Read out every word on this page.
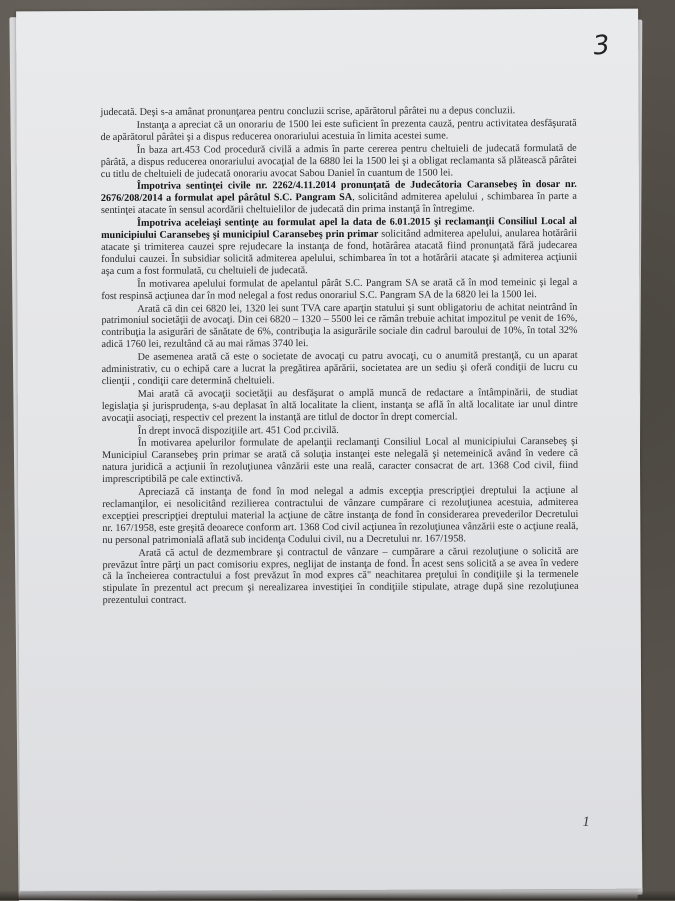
3

judecată. Deşi s-a amânat pronunţarea pentru concluzii scrise, apărătorul pârâtei nu a depus concluzii.

Instanţa a apreciat că un onorariu de 1500 lei este suficient în prezenta cauză, pentru activitatea desfăşurată de apărătorul pârâtei şi a dispus reducerea onorariului acestuia în limita acestei sume.

În baza art.453 Cod procedură civilă a admis în parte cererea pentru cheltuieli de judecată formulată de pârâtă, a dispus reducerea onorariului avocaţial de la 6880 lei la 1500 lei şi a obligat reclamanta să plătească pârâtei cu titlu de cheltuieli de judecată onorariu avocat Sabou Daniel în cuantum de 1500 lei.

Împotriva sentinţei civile nr. 2262/4.11.2014 pronunţată de Judecătoria Caransebeş în dosar nr. 2676/208/2014 a formulat apel pârâtul S.C. Pangram SA, solicitând admiterea apelului , schimbarea în parte a sentinţei atacate în sensul acordării cheltuielilor de judecată din prima instanţă în întregime.

Împotriva aceleiaşi sentinţe au formulat apel la data de 6.01.2015 şi reclamanţii Consiliul Local al municipiului Caransebeş şi municipiul Caransebeş prin primar solicitând admiterea apelului, anularea hotărârii atacate şi trimiterea cauzei spre rejudecare la instanţa de fond, hotărârea atacată fiind pronunţată fără judecarea fondului cauzei. În subsidiar solicită admiterea apelului, schimbarea în tot a hotărârii atacate şi admiterea acţiunii aşa cum a fost formulată, cu cheltuieli de judecată.

În motivarea apelului formulat de apelantul pârât S.C. Pangram SA se arată că în mod temeinic şi legal a fost respinsă acţiunea dar în mod nelegal a fost redus onorariul S.C. Pangram SA de la 6820 lei la 1500 lei.

Arată că din cei 6820 lei, 1320 lei sunt TVA care aparţin statului şi sunt obligatoriu de achitat neintrând în patrimoniul societăţii de avocaţi. Din cei 6820 – 1320 – 5500 lei ce rămân trebuie achitat impozitul pe venit de 16%, contribuţia la asigurări de sănătate de 6%, contribuţia la asigurările sociale din cadrul baroului de 10%, în total 32% adică 1760 lei, rezultând că au mai rămas 3740 lei.

De asemenea arată că este o societate de avocaţi cu patru avocaţi, cu o anumită prestanţă, cu un aparat administrativ, cu o echipă care a lucrat la pregătirea apărării, societatea are un sediu şi oferă condiţii de lucru cu clienţii , condiţii care determină cheltuieli.

Mai arată că avocaţii societăţii au desfăşurat o amplă muncă de redactare a întâmpinării, de studiat legislaţia şi jurisprudenţa, s-au deplasat în altă localitate la client, instanţa se află în altă localitate iar unul dintre avocaţii asociaţi, respectiv cel prezent la instanţă are titlul de doctor în drept comercial.

În drept invocă dispoziţiile art. 451 Cod pr.civilă.

În motivarea apelurilor formulate de apelanţii reclamanţi Consiliul Local al municipiului Caransebeş şi Municipiul Caransebeş prin primar se arată că soluţia instanţei este nelegală şi netemeinică având în vedere că natura juridică a acţiunii în rezoluţiunea vânzării este una reală, caracter consacrat de art. 1368 Cod civil, fiind imprescriptibilă pe cale extinctivă.

Apreciază că instanţa de fond în mod nelegal a admis excepţia prescripţiei dreptului la acţiune al reclamanţilor, ei nesolicitând rezilierea contractului de vânzare cumpărare ci rezoluţiunea acestuia, admiterea excepţiei prescripţiei dreptului material la acţiune de către instanţa de fond în considerarea prevederilor Decretului nr. 167/1958, este greşită deoarece conform art. 1368 Cod civil acţiunea în rezoluţiunea vânzării este o acţiune reală, nu personal patrimonială aflată sub incidenţa Codului civil, nu a Decretului nr. 167/1958.

Arată că actul de dezmembrare şi contractul de vânzare – cumpărare a cărui rezoluţiune o solicită are prevăzut între părţi un pact comisoriu expres, neglijat de instanţa de fond. În acest sens solicită a se avea în vedere că la încheierea contractului a fost prevăzut în mod expres că" neachitarea preţului în condiţiile şi la termenele stipulate în prezentul act precum şi nerealizarea investiţiei în condiţiile stipulate, atrage după sine rezoluţiunea prezentului contract.

1
